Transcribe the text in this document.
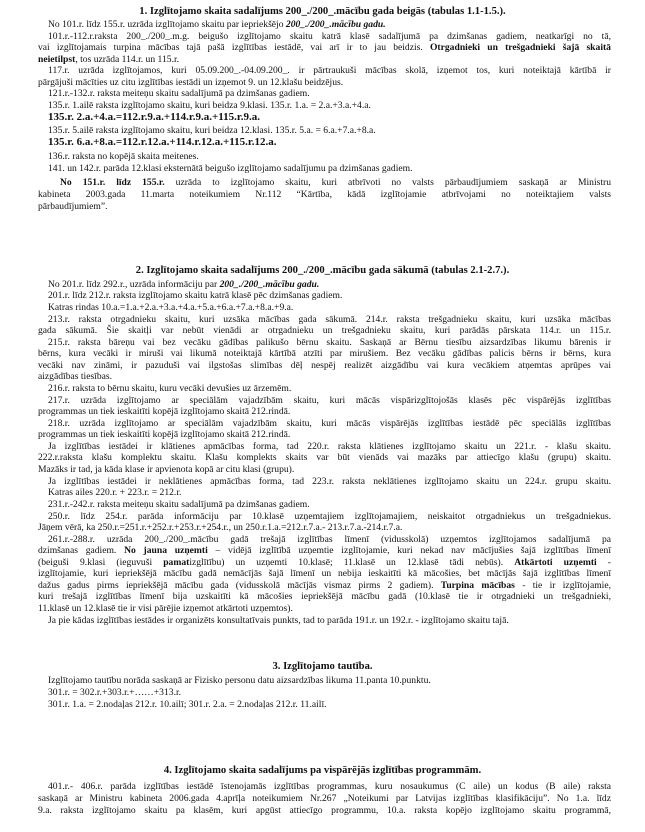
1. Izglītojamo skaita sadalījums 200_./200_.mācību gada beigās (tabulas 1.1-1.5.).
No 101.r. līdz 155.r. uzrāda izglītojamo skaitu par iepriekšējo 200_./200_.mācību gadu.
101.r.-112.r.raksta 200_./200_.m.g. beigušo izglītojamo skaitu katrā klasē sadalījumā pa dzimšanas gadiem, neatkarīgi no tā,
vai izglītojamais turpina mācības tajā pašā izglītības iestādē, vai arī ir to jau beidzis. Otrgadnieki un trešgadnieki šajā skaitā
neietilpst, tos uzrāda 114.r. un 115.r.
117.r. uzrāda izglītojamos, kuri 05.09.200_.-04.09.200_. ir pārtraukuši mācības skolā, izņemot tos, kuri noteiktajā kārtībā ir
pārgājuši mācīties uz citu izglītības iestādi un izņemot 9. un 12.klašu beidzējus.
121.r.-132.r. raksta meiteņu skaitu sadalījumā pa dzimšanas gadiem.
135.r. 1.ailē raksta izglītojamo skaitu, kuri beidza 9.klasi. 135.r. 1.a. = 2.a.+3.a.+4.a.
135.r. 2.a.+4.a.=112.r.9.a.+114.r.9.a.+115.r.9.a.
135.r. 5.ailē raksta izglītojamo skaitu, kuri beidza 12.klasi. 135.r. 5.a. = 6.a.+7.a.+8.a.
135.r. 6.a.+8.a.=112.r.12.a.+114.r.12.a.+115.r.12.a.
136.r. raksta no kopējā skaita meitenes.
141. un 142.r. parāda 12.klasi eksternātā beigušo izglītojamo sadalījumu pa dzimšanas gadiem.
No 151.r. līdz 155.r. uzrāda to izglītojamo skaitu, kuri atbrīvoti no valsts pārbaudījumiem saskaņā ar Ministru
kabineta 2003.gada 11.marta noteikumiem Nr.112 “Kārtība, kādā izglītojamie atbrīvojami no noteiktajiem valsts
pārbaudījumiem”.
2. Izglītojamo skaita sadalījums 200_./200_.mācību gada sākumā (tabulas 2.1-2.7.).
No 201.r. līdz 292.r., uzrāda informāciju par 200_./200_.mācību gadu.
201.r. līdz 212.r. raksta izglītojamo skaitu katrā klasē pēc dzimšanas gadiem.
Katras rindas 10.a.=1.a.+2.a.+3.a.+4.a.+5.a.+6.a.+7.a.+8.a.+9.a.
213.r. raksta otrgadnieku skaitu, kuri uzsāka mācības gada sākumā. 214.r. raksta trešgadnieku skaitu, kuri uzsāka mācības
gada sākumā. Šie skaitļi var nebūt vienādi ar otrgadnieku un trešgadnieku skaitu, kuri parādās pārskata 114.r. un 115.r.
215.r. raksta bāreņu vai bez vecāku gādības palikušo bērnu skaitu. Saskaņā ar Bērnu tiesību aizsardzības likumu bārenis ir
bērns, kura vecāki ir miruši vai likumā noteiktajā kārtībā atzīti par mirušiem. Bez vecāku gādības palicis bērns ir bērns, kura
vecāki nav zināmi, ir pazuduši vai ilgstošas slimības dēļ nespēj realizēt aizgādību vai kura vecākiem atņemtas aprūpes vai
aizgādības tiesības.
216.r. raksta to bērnu skaitu, kuru vecāki devušies uz ārzemēm.
217.r. uzrāda izglītojamo ar speciālām vajadzībām skaitu, kuri mācās vispārizglītojošās klasēs pēc vispārējās izglītības
programmas un tiek ieskaitīti kopējā izglītojamo skaitā 212.rindā.
218.r. uzrāda izglītojamo ar speciālām vajadzībām skaitu, kuri mācās vispārējās izglītības iestādē pēc speciālās izglītības
programmas un tiek ieskaitīti kopējā izglītojamo skaitā 212.rindā.
Ja izglītības iestādei ir klātienes apmācības forma, tad 220.r. raksta klātienes izglītojamo skaitu un 221.r. - klašu skaitu.
222.r.raksta klašu komplektu skaitu. Klašu komplekts skaits var būt vienāds vai mazāks par attiecīgo klašu (grupu) skaitu.
Mazāks ir tad, ja kāda klase ir apvienota kopā ar citu klasi (grupu).
Ja izglītības iestādei ir neklātienes apmācības forma, tad 223.r. raksta neklātienes izglītojamo skaitu un 224.r. grupu skaitu.
Katras ailes 220.r. + 223.r. = 212.r.
231.r.-242.r. raksta meiteņu skaitu sadalījumā pa dzimšanas gadiem.
250.r. līdz 254.r. parāda informāciju par 10.klasē uzņemtajiem izglītojamajiem, neiskaitot otrgadniekus un trešgadniekus.
Jāņem vērā, ka 250.r.=251.r.+252.r.+253.r.+254.r., un 250.r.1.a.=212.r.7.a.- 213.r.7.a.-214.r.7.a.
261.r.-288.r. uzrāda 200_./200_.mācību gadā trešajā izglītības līmenī (vidusskolā) uzņemtos izglītojamos sadalījumā pa
dzimšanas gadiem. No jauna uzņemti – vidējā izglītībā uzņemtie izglītojamie, kuri nekad nav mācījušies šajā izglītības līmenī
(beiguši 9.klasi (ieguvuši pamatizglītību) un uzņemti 10.klasē; 11.klasē un 12.klasē tādi nebūs). Atkārtoti uzņemti -
izglītojamie, kuri iepriekšējā mācību gadā nemācījās šajā līmenī un nebija ieskaitīti kā mācošies, bet mācījās šajā izglītības līmenī
dažus gadus pirms iepriekšējā mācību gada (vidusskolā mācījās vismaz pirms 2 gadiem). Turpina mācības - tie ir izglītojamie,
kuri trešajā izglītības līmenī bija uzskaitīti kā mācošies iepriekšējā mācību gadā (10.klasē tie ir otrgadnieki un trešgadnieki,
11.klasē un 12.klasē tie ir visi pārējie izņemot atkārtoti uzņemtos).
Ja pie kādas izglītības iestādes ir organizēts konsultatīvais punkts, tad to parāda 191.r. un 192.r. - izglītojamo skaitu tajā.
3. Izglītojamo tautība.
Izglītojamo tautību norāda saskaņā ar Fizisko personu datu aizsardzības likuma 11.panta 10.punktu.
301.r. = 302.r.+303.r.+……+313.r.
301.r. 1.a. = 2.nodaļas 212.r. 10.ailī; 301.r. 2.a. = 2.nodaļas 212.r. 11.ailī.
4. Izglītojamo skaita sadalījums pa vispārējās izglītības programmām.
401.r.- 406.r. parāda izglītības iestādē īstenojamās izglītības programmas, kuru nosaukumus (C aile) un kodus (B aile) raksta
saskaņā ar Ministru kabineta 2006.gada 4.aprīļa noteikumiem Nr.267 „Noteikumi par Latvijas izglītības klasifikāciju”. No 1.a. līdz
9.a. raksta izglītojamo skaitu pa klasēm, kuri apgūst attiecīgo programmu, 10.a. raksta kopējo izglītojamo skaitu programmā,
